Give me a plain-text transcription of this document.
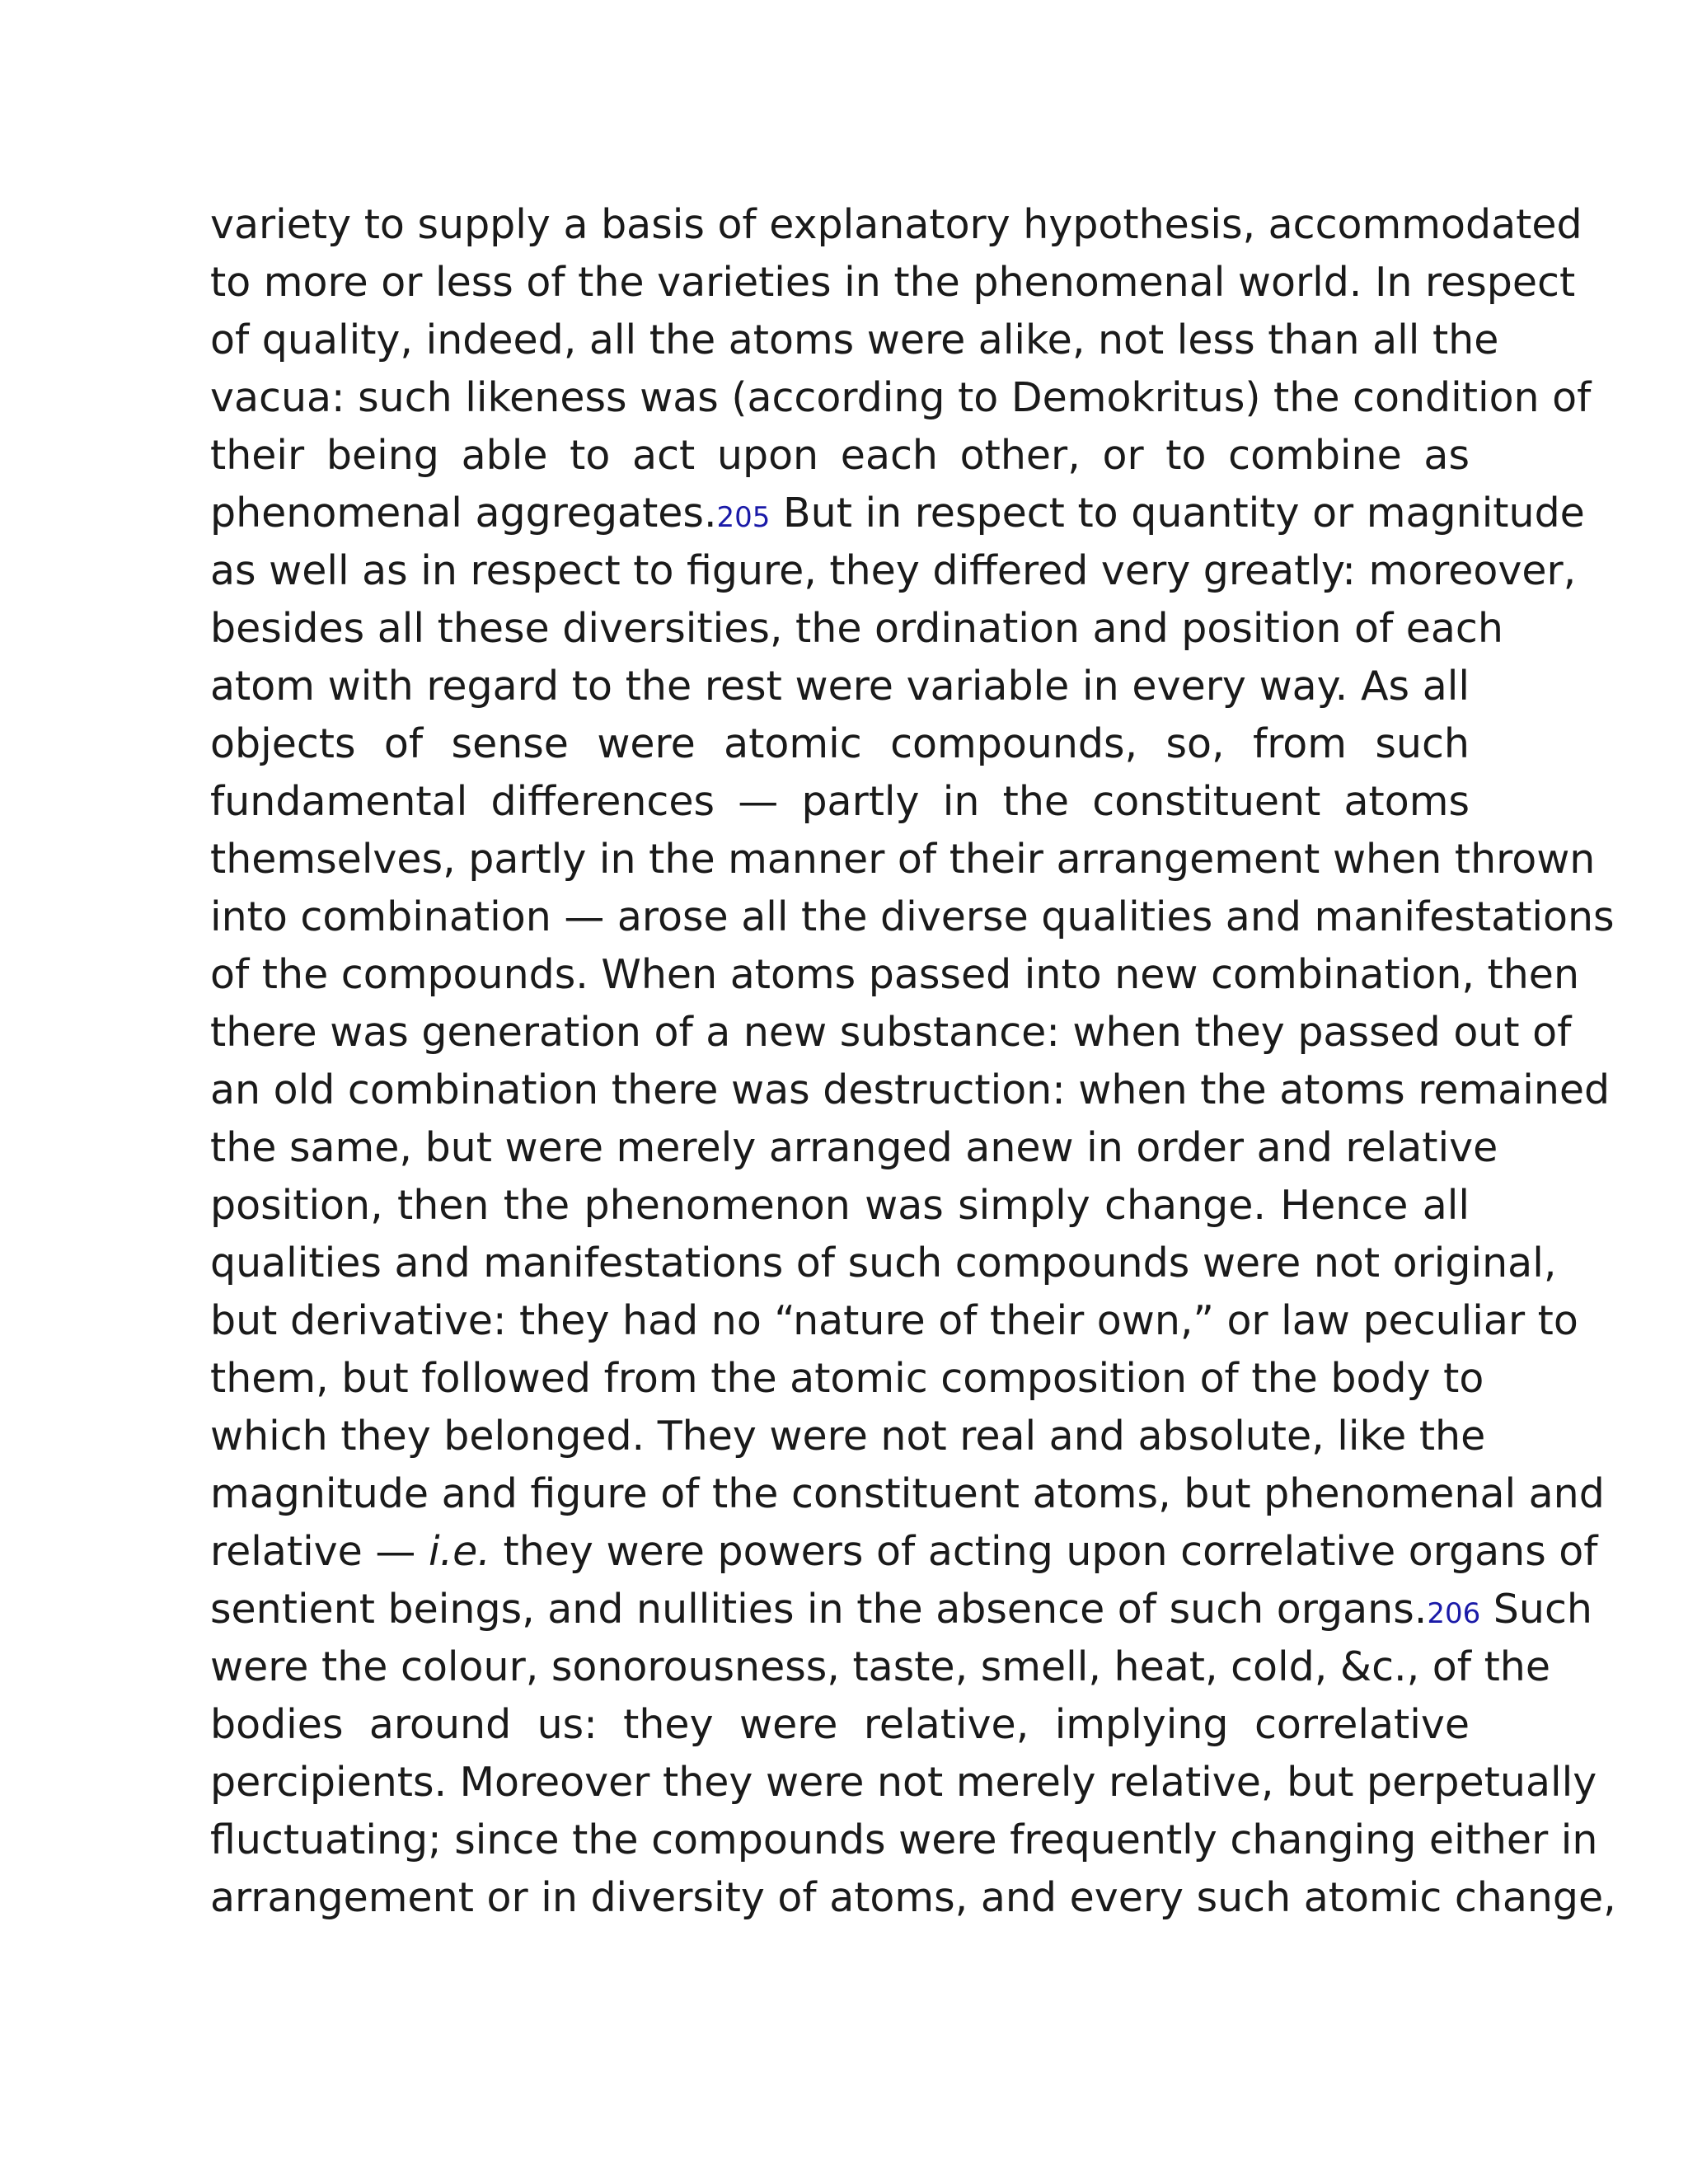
variety to supply a basis of explanatory hypothesis, accommodated
to more or less of the varieties in the phenomenal world. In respect
of quality, indeed, all the atoms were alike, not less than all the
vacua: such likeness was (according to Demokritus) the condition of
their being able to act upon each other, or to combine as
phenomenal aggregates.205 But in respect to quantity or magnitude
as well as in respect to figure, they differed very greatly: moreover,
besides all these diversities, the ordination and position of each
atom with regard to the rest were variable in every way. As all
objects of sense were atomic compounds, so, from such
fundamental differences — partly in the constituent atoms
themselves, partly in the manner of their arrangement when thrown
into combination — arose all the diverse qualities and manifestations
of the compounds. When atoms passed into new combination, then
there was generation of a new substance: when they passed out of
an old combination there was destruction: when the atoms remained
the same, but were merely arranged anew in order and relative
position, then the phenomenon was simply change. Hence all
qualities and manifestations of such compounds were not original,
but derivative: they had no “nature of their own,” or law peculiar to
them, but followed from the atomic composition of the body to
which they belonged. They were not real and absolute, like the
magnitude and figure of the constituent atoms, but phenomenal and
relative — i.e. they were powers of acting upon correlative organs of
sentient beings, and nullities in the absence of such organs.206 Such
were the colour, sonorousness, taste, smell, heat, cold, &c., of the
bodies around us: they were relative, implying correlative
percipients. Moreover they were not merely relative, but perpetually
fluctuating; since the compounds were frequently changing either in
arrangement or in diversity of atoms, and every such atomic change,
